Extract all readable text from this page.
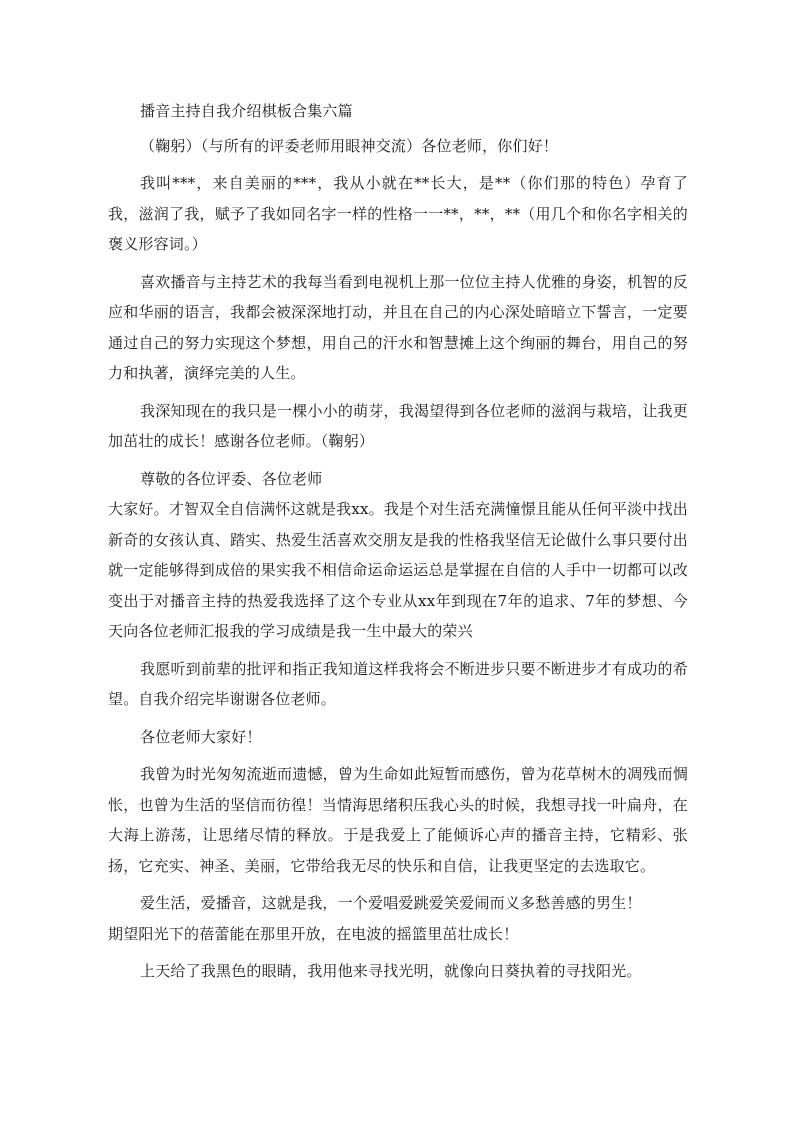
播音主持自我介绍棋板合集六篇

（鞠躬）（与所有的评委老师用眼神交流）各位老师，你们好！

我叫***，来自美丽的***，我从小就在**长大，是**（你们那的特色）孕育了我，滋润了我，赋予了我如同名字一样的性格一一**，**，**（用几个和你名字相关的褒义形容词。）

喜欢播音与主持艺术的我每当看到电视机上那一位位主持人优雅的身姿，机智的反应和华丽的语言，我都会被深深地打动，并且在自己的内心深处暗暗立下誓言，一定要通过自己的努力实现这个梦想，用自己的汗水和智慧摊上这个绚丽的舞台，用自己的努力和执著，演绎完美的人生。

我深知现在的我只是一棵小小的萌芽，我渴望得到各位老师的滋润与栽培，让我更加茁壮的成长！感谢各位老师。（鞠躬）

尊敬的各位评委、各位老师

大家好。才智双全自信满怀这就是我xx。我是个对生活充满憧憬且能从任何平淡中找出新奇的女孩认真、踏实、热爱生活喜欢交朋友是我的性格我坚信无论做什么事只要付出就一定能够得到成倍的果实我不相信命运命运运总是掌握在自信的人手中一切都可以改变出于对播音主持的热爱我选择了这个专业从xx年到现在7年的追求、7年的梦想、今天向各位老师汇报我的学习成绩是我一生中最大的荣兴

我愿听到前辈的批评和指正我知道这样我将会不断进步只要不断进步才有成功的希望。自我介绍完毕谢谢各位老师。

各位老师大家好！

我曾为时光匆匆流逝而遗憾，曾为生命如此短暂而感伤，曾为花草树木的凋残而惆怅，也曾为生活的坚信而彷徨！当情海思绪积压我心头的时候，我想寻找一叶扁舟，在大海上游荡，让思绪尽情的释放。于是我爱上了能倾诉心声的播音主持，它精彩、张扬，它充实、神圣、美丽，它带给我无尽的快乐和自信，让我更坚定的去选取它。

爱生活，爱播音，这就是我，一个爱唱爱跳爱笑爱闹而义多愁善感的男生！

期望阳光下的蓓蕾能在那里开放，在电波的摇篮里茁壮成长！

上天给了我黑色的眼睛，我用他来寻找光明，就像向日葵执着的寻找阳光。
